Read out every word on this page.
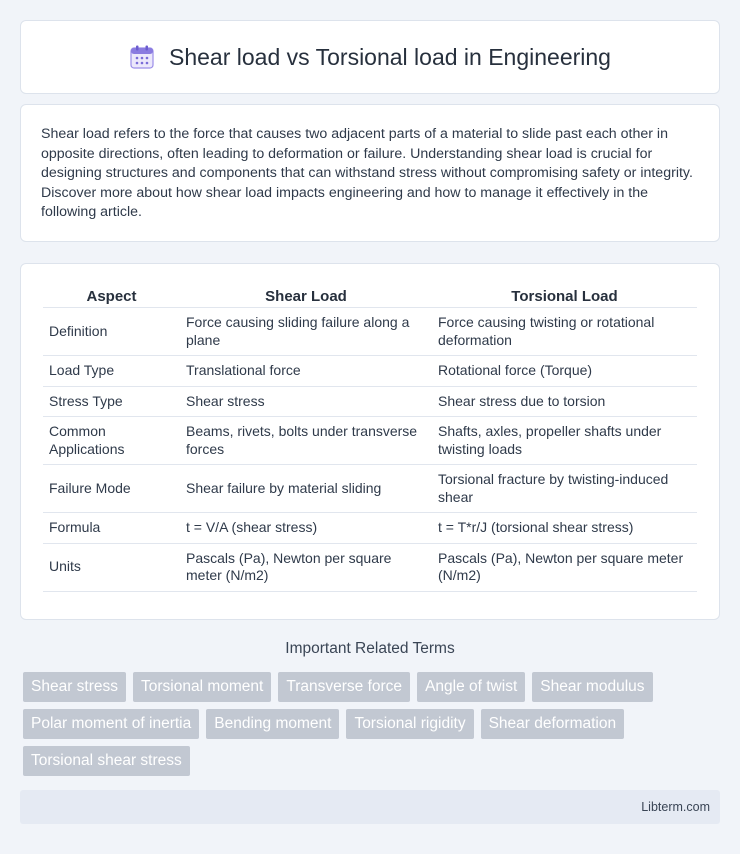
Shear load vs Torsional load in Engineering

Shear load refers to the force that causes two adjacent parts of a material to slide past each other in opposite directions, often leading to deformation or failure. Understanding shear load is crucial for designing structures and components that can withstand stress without compromising safety or integrity. Discover more about how shear load impacts engineering and how to manage it effectively in the following article.

Aspect	Shear Load	Torsional Load
Definition	Force causing sliding failure along a plane	Force causing twisting or rotational deformation
Load Type	Translational force	Rotational force (Torque)
Stress Type	Shear stress	Shear stress due to torsion
Common Applications	Beams, rivets, bolts under transverse forces	Shafts, axles, propeller shafts under twisting loads
Failure Mode	Shear failure by material sliding	Torsional fracture by twisting-induced shear
Formula	t = V/A (shear stress)	t = T*r/J (torsional shear stress)
Units	Pascals (Pa), Newton per square meter (N/m2)	Pascals (Pa), Newton per square meter (N/m2)
Important Related Terms
Shear stress	Torsional moment	Transverse force	Angle of twist	Shear modulus
Polar moment of inertia	Bending moment	Torsional rigidity	Shear deformation
Torsional shear stress
Libterm.com
